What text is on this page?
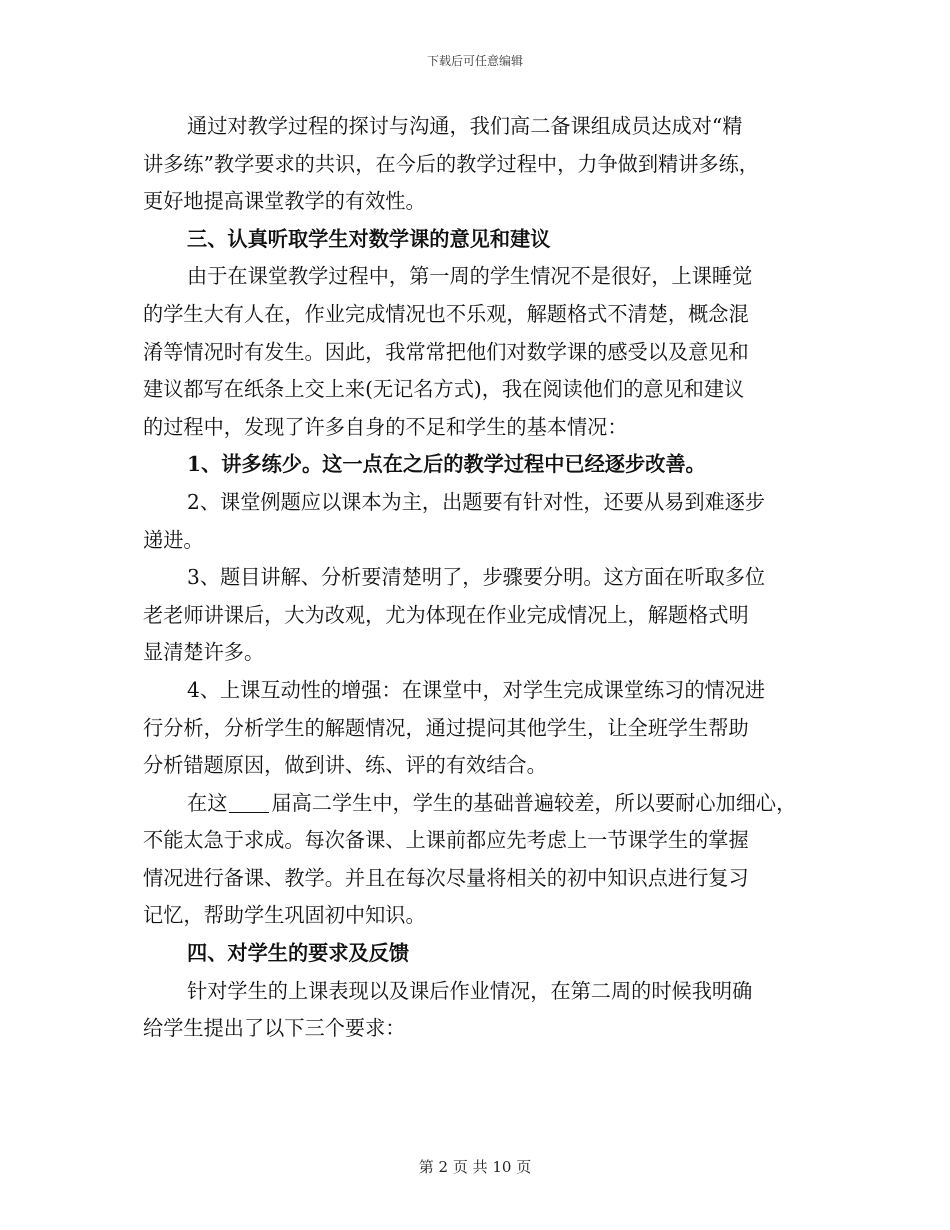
下载后可任意编辑
通过对教学过程的探讨与沟通，我们高二备课组成员达成对“精
讲多练”教学要求的共识，在今后的教学过程中，力争做到精讲多练，
更好地提高课堂教学的有效性。
三、认真听取学生对数学课的意见和建议
由于在课堂教学过程中，第一周的学生情况不是很好，上课睡觉
的学生大有人在，作业完成情况也不乐观，解题格式不清楚，概念混
淆等情况时有发生。因此，我常常把他们对数学课的感受以及意见和
建议都写在纸条上交上来(无记名方式)，我在阅读他们的意见和建议
的过程中，发现了许多自身的不足和学生的基本情况：
1、讲多练少。这一点在之后的教学过程中已经逐步改善。
2、课堂例题应以课本为主，出题要有针对性，还要从易到难逐步
递进。
3、题目讲解、分析要清楚明了，步骤要分明。这方面在听取多位
老老师讲课后，大为改观，尤为体现在作业完成情况上，解题格式明
显清楚许多。
4、上课互动性的增强：在课堂中，对学生完成课堂练习的情况进
行分析，分析学生的解题情况，通过提问其他学生，让全班学生帮助
分析错题原因，做到讲、练、评的有效结合。
在这 届高二学生中，学生的基础普遍较差，所以要耐心加细心，
不能太急于求成。每次备课、上课前都应先考虑上一节课学生的掌握
情况进行备课、教学。并且在每次尽量将相关的初中知识点进行复习
记忆，帮助学生巩固初中知识。
四、对学生的要求及反馈
针对学生的上课表现以及课后作业情况，在第二周的时候我明确
给学生提出了以下三个要求：
第 2 页 共 10 页
